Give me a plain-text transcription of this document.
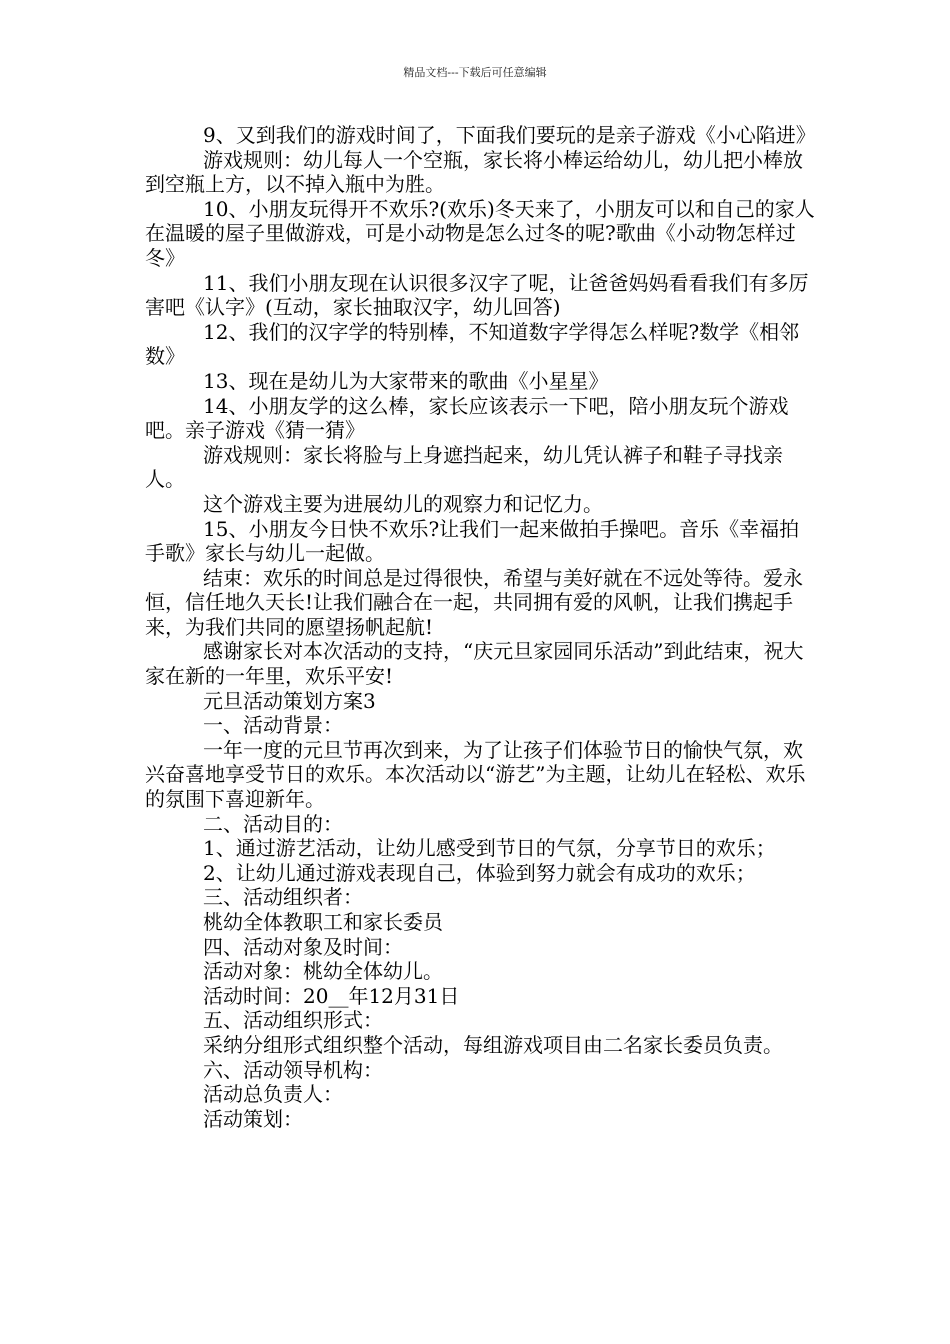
精品文档---下载后可任意编辑

9、又到我们的游戏时间了，下面我们要玩的是亲子游戏《小心陷进》

游戏规则：幼儿每人一个空瓶，家长将小棒运给幼儿，幼儿把小棒放到空瓶上方，以不掉入瓶中为胜。

10、小朋友玩得开不欢乐?(欢乐)冬天来了，小朋友可以和自己的家人在温暖的屋子里做游戏，可是小动物是怎么过冬的呢?歌曲《小动物怎样过冬》

11、我们小朋友现在认识很多汉字了呢，让爸爸妈妈看看我们有多厉害吧《认字》(互动，家长抽取汉字，幼儿回答)

12、我们的汉字学的特别棒，不知道数字学得怎么样呢?数学《相邻数》

13、现在是幼儿为大家带来的歌曲《小星星》

14、小朋友学的这么棒，家长应该表示一下吧，陪小朋友玩个游戏吧。亲子游戏《猜一猜》

游戏规则：家长将脸与上身遮挡起来，幼儿凭认裤子和鞋子寻找亲人。

这个游戏主要为进展幼儿的观察力和记忆力。

15、小朋友今日快不欢乐?让我们一起来做拍手操吧。音乐《幸福拍手歌》家长与幼儿一起做。

结束：欢乐的时间总是过得很快，希望与美好就在不远处等待。爱永恒，信任地久天长!让我们融合在一起，共同拥有爱的风帆，让我们携起手来，为我们共同的愿望扬帆起航!

感谢家长对本次活动的支持，“庆元旦家园同乐活动”到此结束，祝大家在新的一年里，欢乐平安!

元旦活动策划方案3

一、活动背景：

一年一度的元旦节再次到来，为了让孩子们体验节日的愉快气氛，欢兴奋喜地享受节日的欢乐。本次活动以“游艺”为主题，让幼儿在轻松、欢乐的氛围下喜迎新年。

二、活动目的：

1、通过游艺活动，让幼儿感受到节日的气氛，分享节日的欢乐；

2、让幼儿通过游戏表现自己，体验到努力就会有成功的欢乐；

三、活动组织者：

桃幼全体教职工和家长委员

四、活动对象及时间：

活动对象：桃幼全体幼儿。

活动时间：20__年12月31日

五、活动组织形式：

采纳分组形式组织整个活动，每组游戏项目由二名家长委员负责。

六、活动领导机构：

活动总负责人：

活动策划：
